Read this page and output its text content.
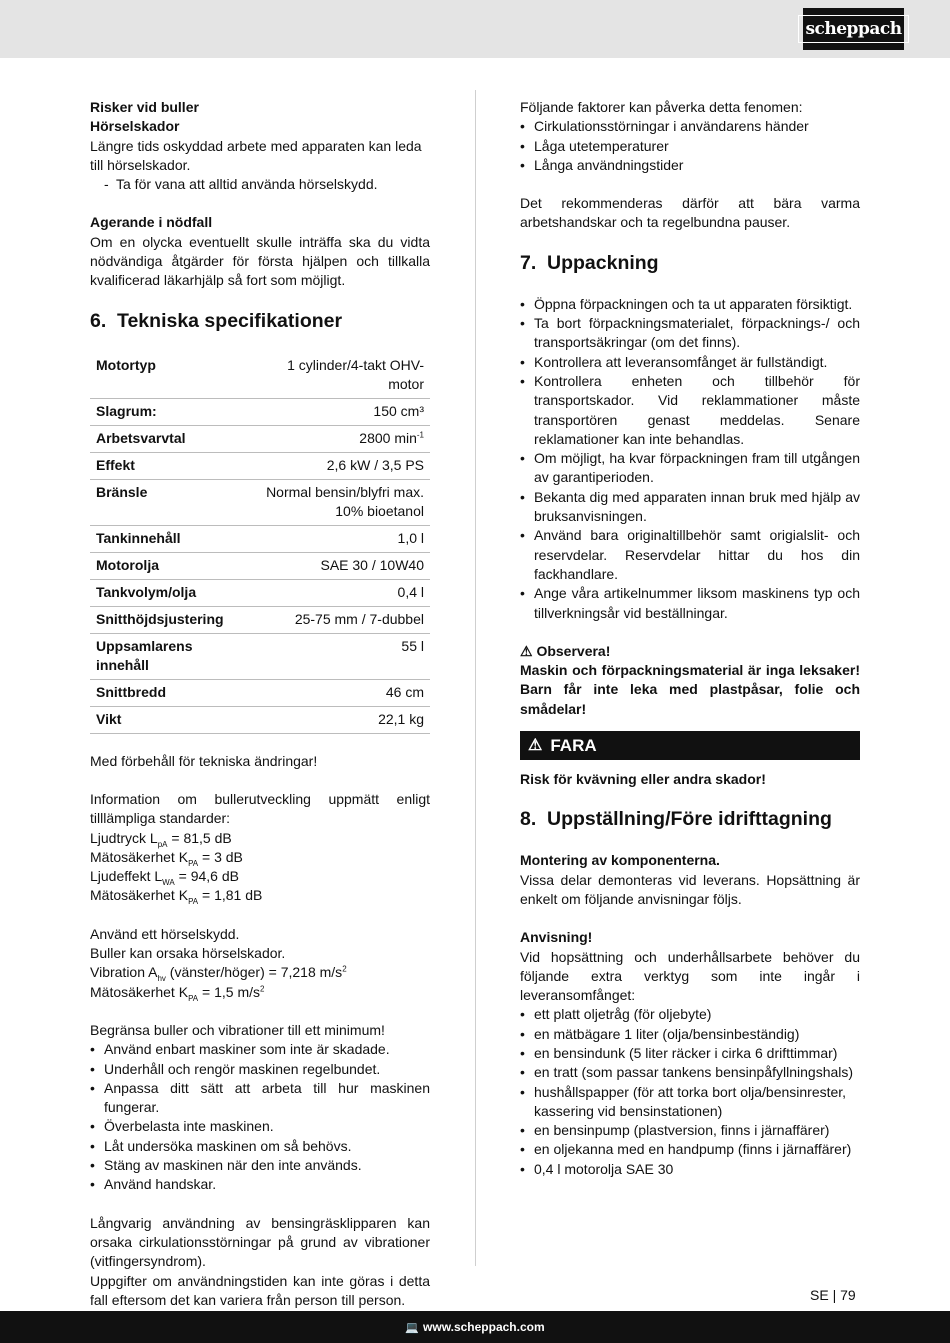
scheppach

Risker vid buller

Hörselskador

Längre tids oskyddad arbete med apparaten kan leda till hörselskador.

- Ta för vana att alltid använda hörselskydd.

Agerande i nödfall

Om en olycka eventuellt skulle inträffa ska du vidta nödvändiga åtgärder för första hjälpen och tillkalla kvalificerad läkarhjälp så fort som möjligt.

6. Tekniska specifikationer
Motortyp	1 cylinder/4-takt OHV-motor
Slagrum:	150 cm³
Arbetsvarvtal	2800 $\min^{-1}$
Effekt	2,6 kW / 3,5 PS
Bränsle	Normal bensin/blyfri max. 10% bioetanol
Tankinnehåll	1,0 l
Motorolja	SAE 30 / 10W40
Tankvolym/olja	0,4 l
Snitthöjdsjustering	25-75 mm / 7-dubbel
Uppsamlarens innehåll	55 l
Snittbredd	46 cm
Vikt	22,1 kg

Med förbehåll för tekniska ändringar!

Information om bullerutveckling uppmätt enligt tilllämpliga standarder:

Ljudtryck $L_{pA} = 81,5$ dB

Mätosäkerhet $K_{PA} = 3$ dB

Ljudeffekt $L_{WA} = 94,6$ dB

Mätosäkerhet $K_{PA} = 1,81$ dB

Använd ett hörselskydd.

Buller kan orsaka hörselskador.

Vibration $A_{hv}$ (vänster/höger) = 7,218 $m/s^2$

Mätosäkerhet $K_{PA} = 1,5$ $m/s^2$

Begränsa buller och vibrationer till ett minimum!

• Använd enbart maskiner som inte är skadade.
• Underhåll och rengör maskinen regelbundet.
• Anpassa ditt sätt att arbeta till hur maskinen fungerar.
• Överbelasta inte maskinen.
• Låt undersöka maskinen om så behövs.
• Stäng av maskinen när den inte används.
• Använd handskar.

Långvarig användning av bensingräsklipparen kan orsaka cirkulationsstörningar på grund av vibrationer (vitfingersyndrom).

Uppgifter om användningstiden kan inte göras i detta fall eftersom det kan variera från person till person.

Följande faktorer kan påverka detta fenomen:

• Cirkulationsstörningar i användarens händer
• Låga utetemperaturer
• Långa användningstider

Det rekommenderas därför att bära varma arbetshandskar och ta regelbundna pauser.

7. Uppackning
• Öppna förpackningen och ta ut apparaten försiktigt.
• Ta bort förpackningsmaterialet, förpacknings-/ och transportsäkringar (om det finns).
• Kontrollera att leveransomfånget är fullständigt.
• Kontrollera enheten och tillbehör för transportskador. Vid reklammationer måste transportören genast meddelas. Senare reklamationer kan inte behandlas.
• Om möjligt, ha kvar förpackningen fram till utgången av garantiperioden.
• Bekanta dig med apparaten innan bruk med hjälp av bruksanvisningen.
• Använd bara originaltillbehör samt origialslit- och reservdelar. Reservdelar hittar du hos din fackhandlare.
• Ange våra artikelnummer liksom maskinens typ och tillverkningsår vid beställningar.

⚠ Observera!

Maskin och förpackningsmaterial är inga leksaker! Barn får inte leka med plastpåsar, folie och smådelar!

⚠ FARA

Risk för kvävning eller andra skador!

8. Uppställning/Före idrifttagning

Montering av komponenterna.

Vissa delar demonteras vid leverans. Hopsättning är enkelt om följande anvisningar följs.

Anvisning!

Vid hopsättning och underhållsarbete behöver du följande extra verktyg som inte ingår i leveransomfånget:

• ett platt oljetråg (för oljebyte)
• en mätbägare 1 liter (olja/bensinbeständig)
• en bensindunk (5 liter räcker i cirka 6 drifttimmar)
• en tratt (som passar tankens bensinpåfyllningshals)
• hushållspapper (för att torka bort olja/bensinrester, kassering vid bensinstationen)
• en bensinpump (plastversion, finns i järnaffärer)
• en oljekanna med en handpump (finns i järnaffärer)
• 0,4 l motorolja SAE 30
SE | 79
💻 www.scheppach.com
